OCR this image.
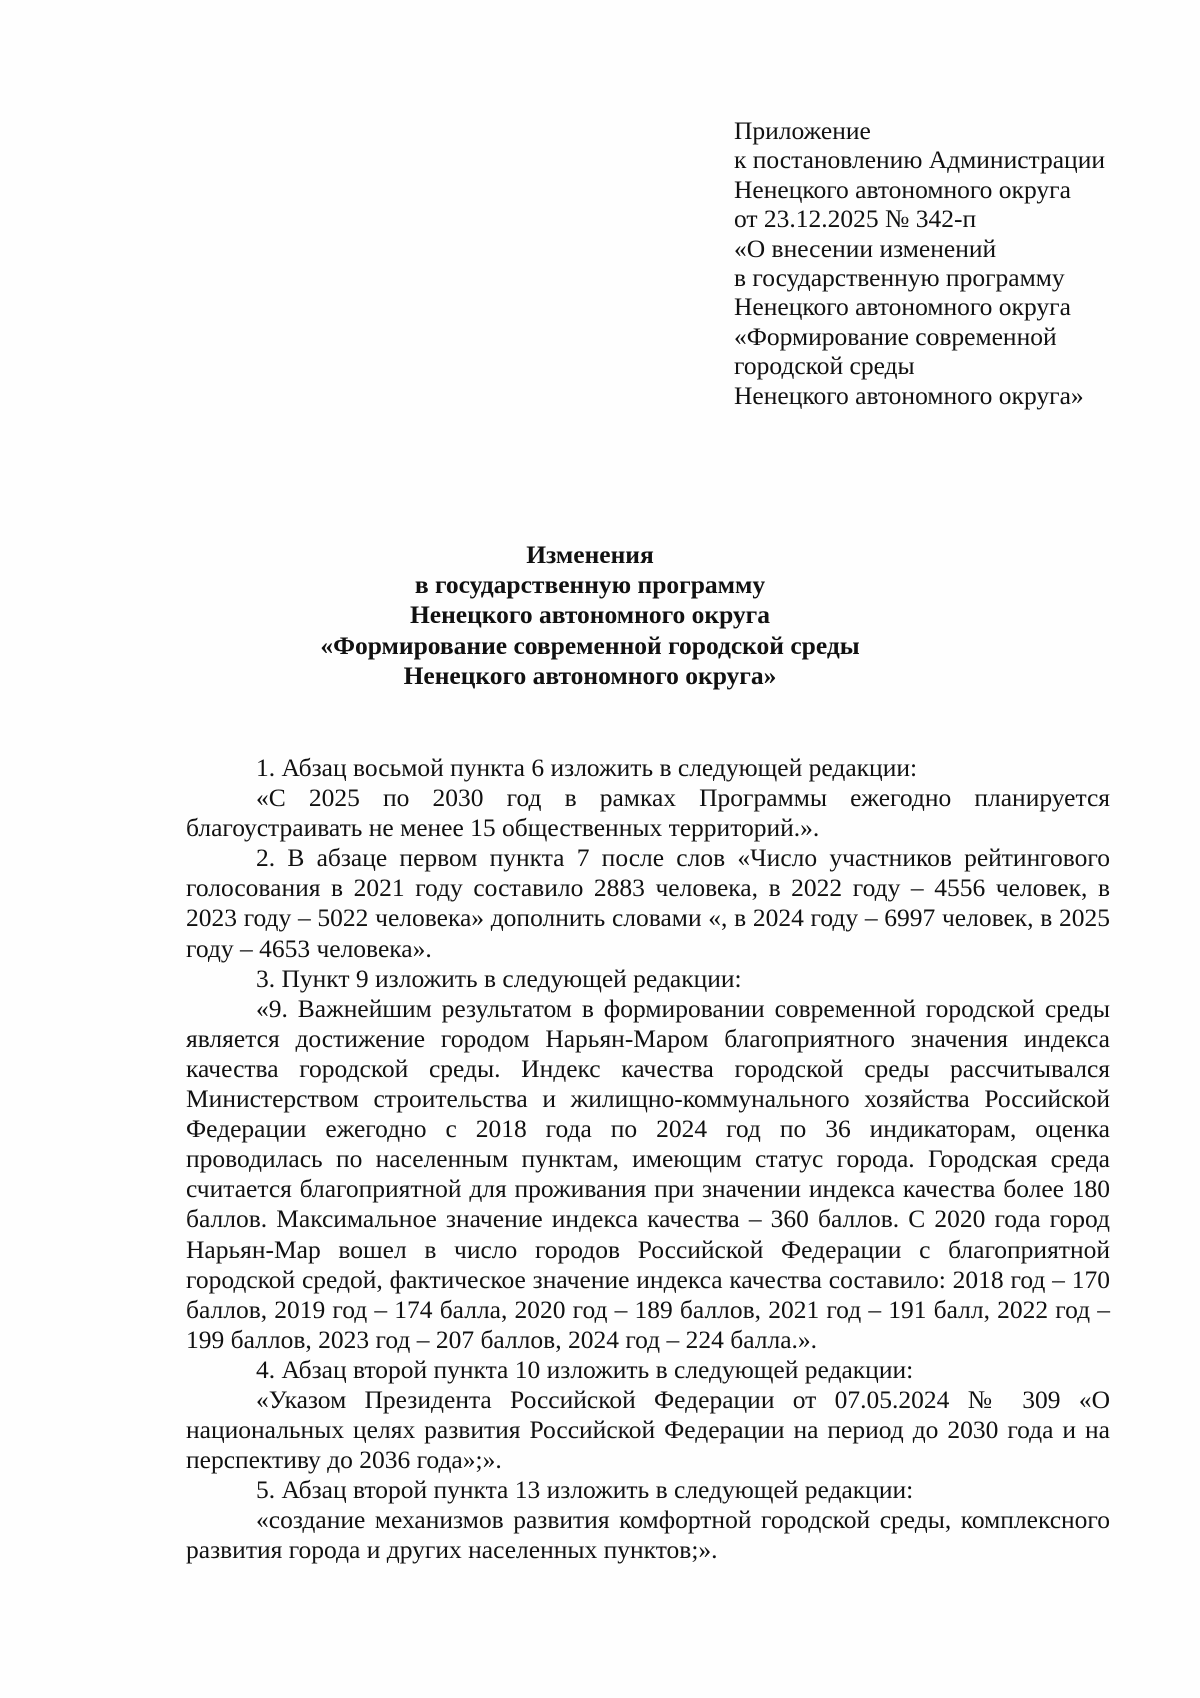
Приложение
к постановлению Администрации
Ненецкого автономного округа
от 23.12.2025 № 342-п
«О внесении изменений
в государственную программу
Ненецкого автономного округа
«Формирование современной
городской среды
Ненецкого автономного округа»
Изменения
в государственную программу
Ненецкого автономного округа
«Формирование современной городской среды
Ненецкого автономного округа»

1. Абзац восьмой пункта 6 изложить в следующей редакции:

«С 2025 по 2030 год в рамках Программы ежегодно планируется благоустраивать не менее 15 общественных территорий.».

2. В абзаце первом пункта 7 после слов «Число участников рейтингового голосования в 2021 году составило 2883 человека, в 2022 году – 4556 человек, в 2023 году – 5022 человека» дополнить словами «, в 2024 году – 6997 человек, в 2025 году – 4653 человека».

3. Пункт 9 изложить в следующей редакции:

«9. Важнейшим результатом в формировании современной городской среды является достижение городом Нарьян-Маром благоприятного значения индекса качества городской среды. Индекс качества городской среды рассчитывался Министерством строительства и жилищно-коммунального хозяйства Российской Федерации ежегодно с 2018 года по 2024 год по 36 индикаторам, оценка проводилась по населенным пунктам, имеющим статус города. Городская среда считается благоприятной для проживания при значении индекса качества более 180 баллов. Максимальное значение индекса качества – 360 баллов. С 2020 года город Нарьян-Мар вошел в число городов Российской Федерации с благоприятной городской средой, фактическое значение индекса качества составило: 2018 год – 170 баллов, 2019 год – 174 балла, 2020 год – 189 баллов, 2021 год – 191 балл, 2022 год – 199 баллов, 2023 год – 207 баллов, 2024 год – 224 балла.».

4. Абзац второй пункта 10 изложить в следующей редакции:

«Указом Президента Российской Федерации от 07.05.2024 № 309 «О национальных целях развития Российской Федерации на период до 2030 года и на перспективу до 2036 года»;».

5. Абзац второй пункта 13 изложить в следующей редакции:

«создание механизмов развития комфортной городской среды, комплексного развития города и других населенных пунктов;».
